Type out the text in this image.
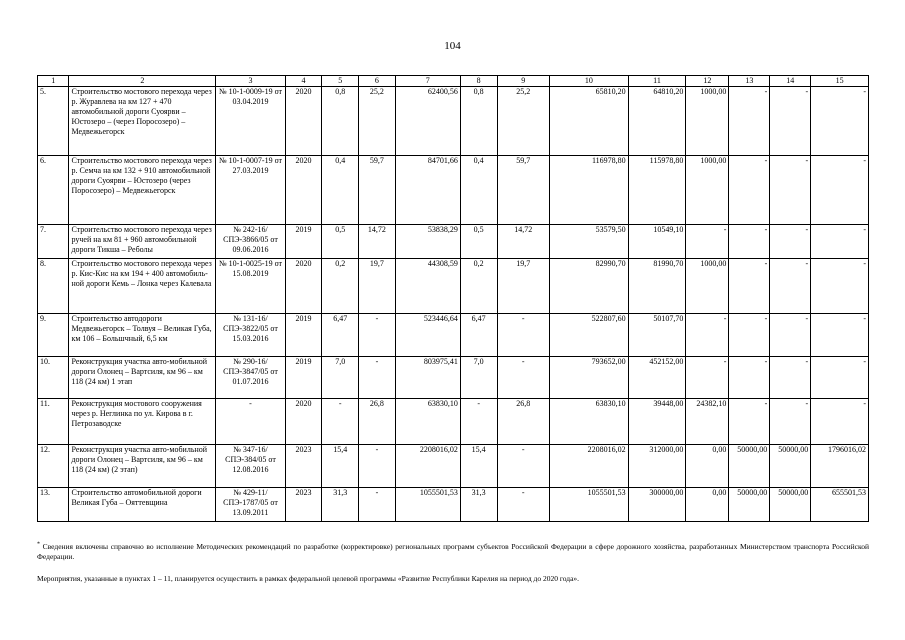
104
1	2	3	4	5	6	7	8	9	10	11	12	13	14	15
5.	Строительство мостового перехода через р. Журавлева на км 127 + 470 автомобильной дороги Суоярви – Юстозеро – (через Поросозеро) – Медвежьегорск	№ 10-1-0009-19 от 03.04.2019	2020	0,8	25,2	62400,56	0,8	25,2	65810,20	64810,20	1000,00	-	-	-
6.	Строительство мостового перехода через р. Семча на км 132 + 910 автомобильной дороги Суоярви – Юстозеро (через Поросозеро) – Медвежьегорск	№ 10-1-0007-19 от 27.03.2019	2020	0,4	59,7	84701,66	0,4	59,7	116978,80	115978,80	1000,00	-	-	-
7.	Строительство мостового перехода через ручей на км 81 + 960 автомобильной дороги Тикша – Реболы	№ 242-16/СПЭ-3866/05 от 09.06.2016	2019	0,5	14,72	53838,29	0,5	14,72	53579,50	10549,10	-	-	-	-
8.	Строительство мостового перехода через р. Кис-Кис на км 194 + 400 автомобиль-ной дороги Кемь – Лонка через Калевала	№ 10-1-0025-19 от 15.08.2019	2020	0,2	19,7	44308,59	0,2	19,7	82990,70	81990,70	1000,00	-	-	-
9.	Строительство автодороги Медвежьегорск – Толвуя – Великая Губа, км 106 – Большчный, 6,5 км	№ 131-16/СПЭ-3822/05 от 15.03.2016	2019	6,47	-	523446,64	6,47	-	522807,60	50107,70	-	-	-	-
10.	Реконструкция участка авто-мобильной дороги Олонец – Вартсиля, км 96 – км 118 (24 км) 1 этап	№ 290-16/СПЭ-3847/05 от 01.07.2016	2019	7,0	-	803975,41	7,0	-	793652,00	452152,00	-	-	-	-
11.	Реконструкция мостового сооружения через р. Неглинка по ул. Кирова в г. Петрозаводске	-	2020	-	26,8	63830,10	-	26,8	63830,10	39448,00	24382,10	-	-	-
12.	Реконструкция участка авто-мобильной дороги Олонец – Вартсиля, км 96 – км 118 (24 км) (2 этап)	№ 347-16/СПЭ-384/05 от 12.08.2016	2023	15,4	-	2208016,02	15,4	-	2208016,02	312000,00	0,00	50000,00	50000,00	1796016,02
13.	Строительство автомобильной дороги Великая Губа – Ояттевщина	№ 429-11/СПЭ-1787/05 от 13.09.2011	2023	31,3	-	1055501,53	31,3	-	1055501,53	300000,00	0,00	50000,00	50000,00	655501,53
* Сведения включены справочно во исполнение Методических рекомендаций по разработке (корректировке) региональных программ субъектов Российской Федерации в сфере дорожного хозяйства, разработанных Министерством транспорта Российской Федерации.
Мероприятия, указанные в пунктах 1 – 11, планируется осуществить в рамках федеральной целевой программы «Развитие Республики Карелия на период до 2020 года».
